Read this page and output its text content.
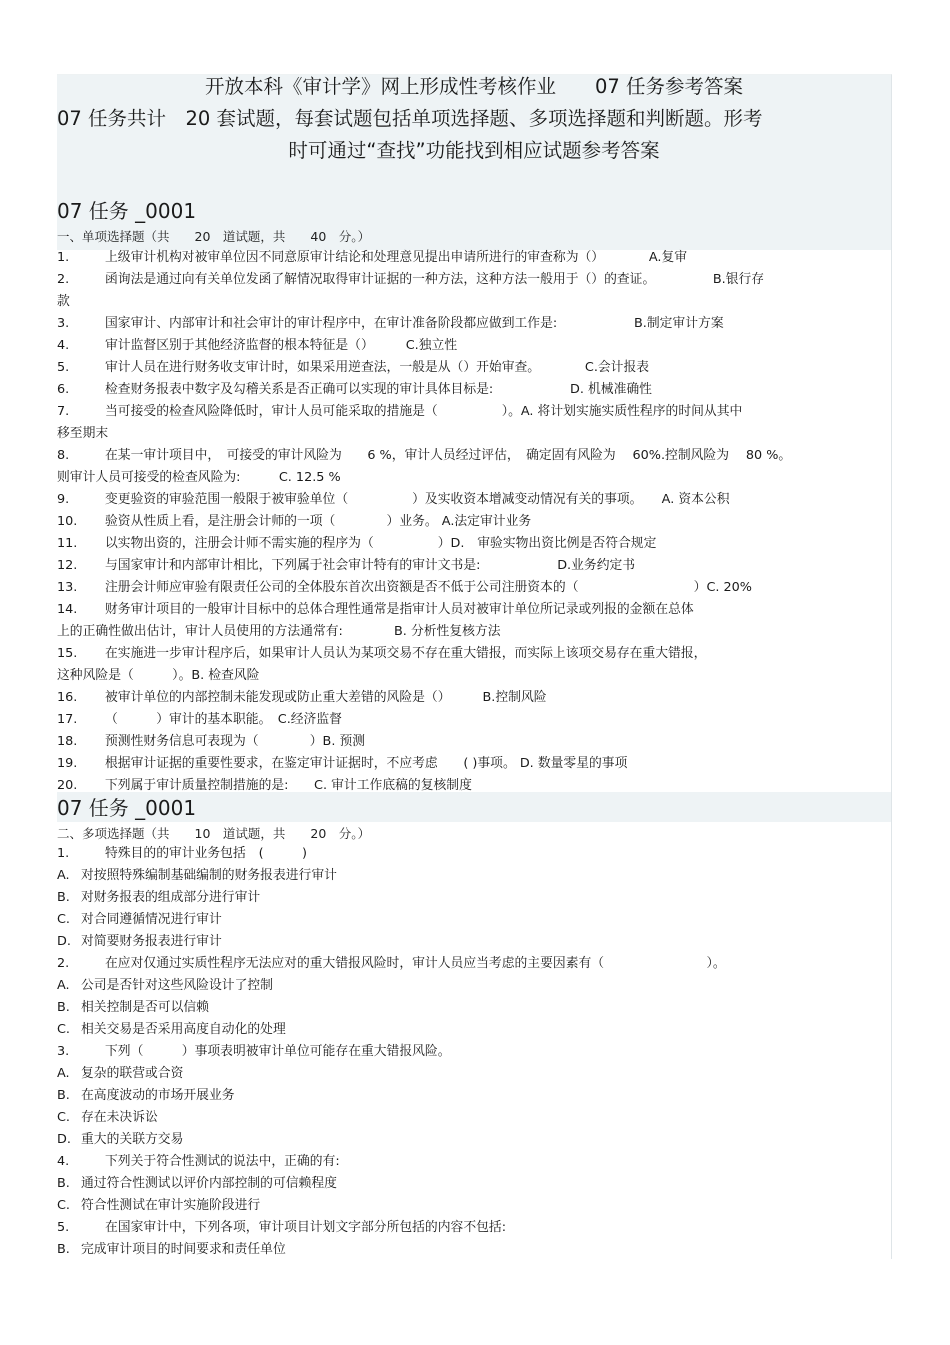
开放本科《审计学》网上形成性考核作业　　07 任务参考答案
07 任务共计　20 套试题，每套试题包括单项选择题、多项选择题和判断题。形考
时可通过“查找”功能找到相应试题参考答案
07 任务 _0001
一、单项选择题（共　　20　道试题，共　　40　分。）
1.	上级审计机构对被审单位因不同意原审计结论和处理意见提出申请所进行的审查称为（）　　　　A.复审
2.	函询法是通过向有关单位发函了解情况取得审计证据的一种方法，这种方法一般用于（）的查证。　　　　　B.银行存
款
3.	国家审计、内部审计和社会审计的审计程序中，在审计准备阶段都应做到工作是:　　　　　　B.制定审计方案
4.	审计监督区别于其他经济监督的根本特征是（）　　　C.独立性
5.	审计人员在进行财务收支审计时，如果采用逆查法，一般是从（）开始审查。　　　　C.会计报表
6.	检查财务报表中数字及勾稽关系是否正确可以实现的审计具体目标是:　　　　　　D. 机械准确性
7.	当可接受的检查风险降低时，审计人员可能采取的措施是（　　　　　）。A. 将计划实施实质性程序的时间从其中
移至期末
8.	在某一审计项目中，　可接受的审计风险为　　6 %，审计人员经过评估，　确定固有风险为　 60%.控制风险为　 80 %。
则审计人员可接受的检查风险为:　　　C. 12.5 %
9.	变更验资的审验范围一般限于被审验单位（　　　　　）及实收资本增减变动情况有关的事项。　　A. 资本公积
10. 验资从性质上看，是注册会计师的一项（　　　　）业务。 A.法定审计业务
11. 以实物出资的，注册会计师不需实施的程序为（　　　　　）D.　审验实物出资比例是否符合规定
12. 与国家审计和内部审计相比，下列属于社会审计特有的审计文书是:　　　　　　D.业务约定书
13. 注册会计师应审验有限责任公司的全体股东首次出资额是否不低于公司注册资本的（　　　　　　　　　）C. 20%
14. 财务审计项目的一般审计目标中的总体合理性通常是指审计人员对被审计单位所记录或列报的金额在总体
上的正确性做出估计，审计人员使用的方法通常有:　　　　B. 分析性复核方法
15. 在实施进一步审计程序后，如果审计人员认为某项交易不存在重大错报，而实际上该项交易存在重大错报，
这种风险是（　　　）。B. 检查风险
16. 被审计单位的内部控制未能发现或防止重大差错的风险是（）　　　B.控制风险
17. （　　　）审计的基本职能。　C.经济监督
18. 预测性财务信息可表现为（　　　　）B. 预测
19. 根据审计证据的重要性要求，在鉴定审计证据时，不应考虑　　( )事项。 D. 数量零星的事项
20. 下列属于审计质量控制措施的是:　　C. 审计工作底稿的复核制度
07 任务 _0001
二、多项选择题（共　　10　道试题，共　　20　分。）
1.	特殊目的的审计业务包括　(　　　)
A. 对按照特殊编制基础编制的财务报表进行审计
B. 对财务报表的组成部分进行审计
C. 对合同遵循情况进行审计
D. 对简要财务报表进行审计
2.	在应对仅通过实质性程序无法应对的重大错报风险时，审计人员应当考虑的主要因素有（　　　　　　　　）。
A. 公司是否针对这些风险设计了控制
B. 相关控制是否可以信赖
C. 相关交易是否采用高度自动化的处理
3.	下列（　　　）事项表明被审计单位可能存在重大错报风险。
A. 复杂的联营或合资
B. 在高度波动的市场开展业务
C. 存在未决诉讼
D. 重大的关联方交易
4.	下列关于符合性测试的说法中，正确的有:
B. 通过符合性测试以评价内部控制的可信赖程度
C. 符合性测试在审计实施阶段进行
5.	在国家审计中，下列各项，审计项目计划文字部分所包括的内容不包括:
B. 完成审计项目的时间要求和责任单位
